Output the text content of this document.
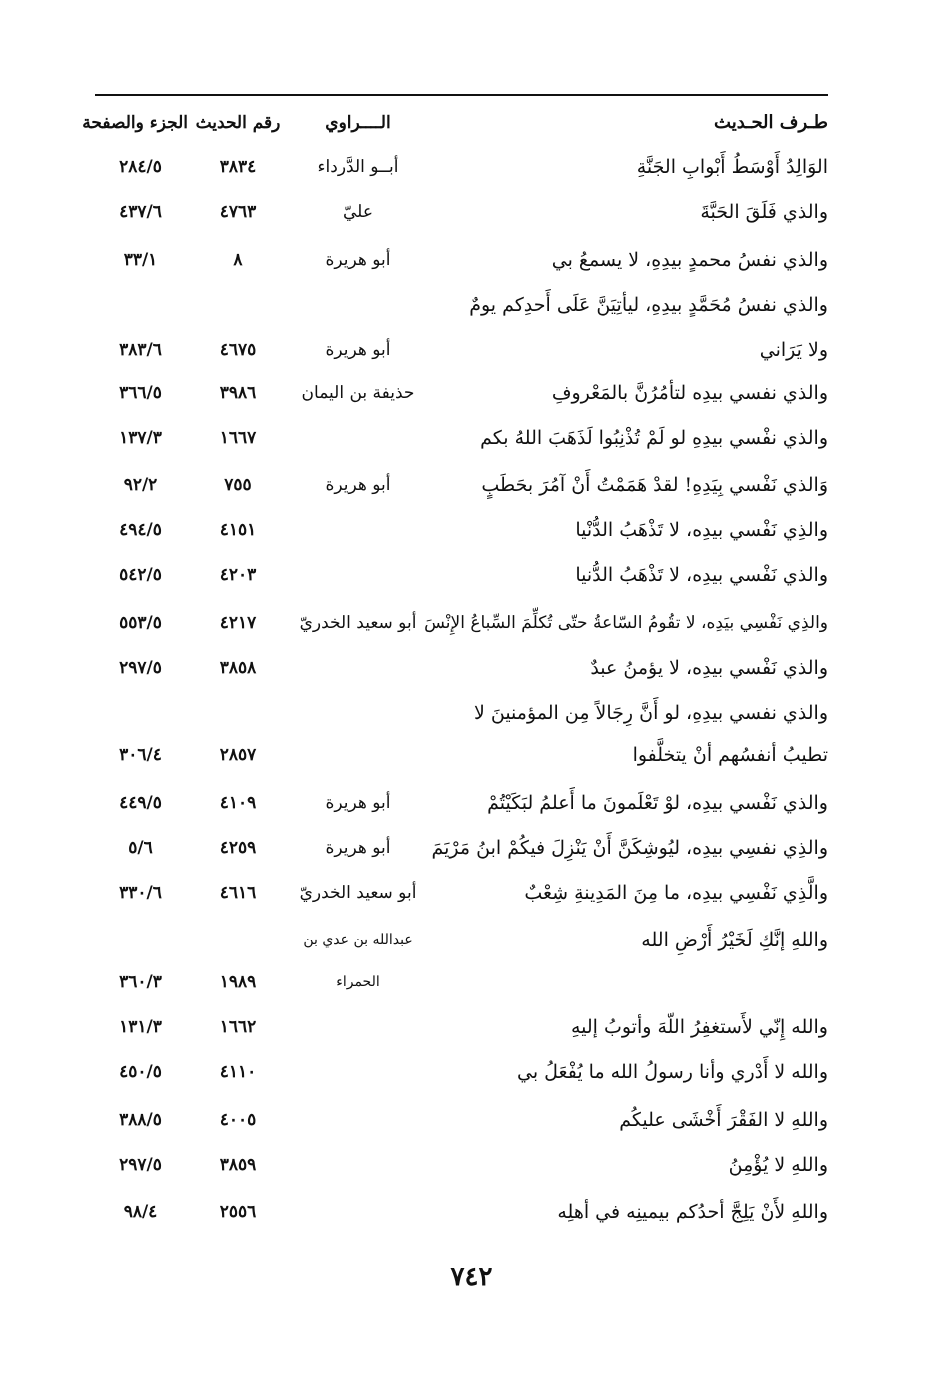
طـرف الحـديث
الــــراوي
رقم الحديث
الجزء والصفحة
الوَالِدُ أَوْسَطُ أَبْوابِ الجَنَّةِ
أبــو الدَّرداء
٣٨٣٤
٢٨٤/٥
والذي فَلَقَ الحَبَّةَ
عليّ
٤٧٦٣
٤٣٧/٦
والذي نفسُ محمدٍ بيدِهِ، لا يسمعُ بي
أبو هريرة
٨
٣٣/١
والذي نفسُ مُحَمَّدٍ بيدِهِ، ليأتِيَنَّ عَلَى أَحدِكم يومٌ
ولا يَرَاني
أبو هريرة
٤٦٧٥
٣٨٣/٦
والذي نفسي بيدِه لتأمُرُنَّ بالمَعْروفِ
حذيفة بن اليمان
٣٩٨٦
٣٦٦/٥
والذي نفْسي بيدِهِ لو لَمْ تُذْنِبُوا لَذَهَبَ اللهُ بكم
١٦٦٧
١٣٧/٣
وَالذي نَفْسي بِيَدِهِ! لقدْ هَمَمْتُ أَنْ آمُرَ بحَطَبٍ
أبو هريرة
٧٥٥
٩٢/٢
والذِي نَفْسي بيدِه، لا تَذْهَبُ الدُّنْيا
٤١٥١
٤٩٤/٥
والذي نَفْسي بيدِه، لا تَذْهَبُ الدُّنيا
٤٢٠٣
٥٤٢/٥
والذِي نَفْسِي بيَدِه، لا تقُومُ السّاعةُ حتّى تُكلِّمَ السِّباعُ الإِنْسَ
أبو سعيد الخدريّ
٤٢١٧
٥٥٣/٥
والذي نَفْسي بيدِه، لا يؤمنُ عبدٌ
٣٨٥٨
٢٩٧/٥
والذي نفسي بيدِهِ، لو أَنَّ رِجَالاً مِن المؤمنينَ لا
تطيبُ أنفسُهم أنْ يتخلَّفوا
٢٨٥٧
٣٠٦/٤
والذي نَفْسي بيدِه، لوْ تَعْلَمونَ ما أَعلمُ لبَكَيْتُمْ
أبو هريرة
٤١٠٩
٤٤٩/٥
والذِي نفسِي بيدِه، ليُوشِكَنَّ أَنْ يَنْزِلَ فيكُمْ ابنُ مَرْيَمَ
أبو هريرة
٤٢٥٩
٥/٦
والَّذِي نَفْسِي بيدِه، ما مِنَ المَدِينةِ شِعْبٌ
أبو سعيد الخدريّ
٤٦١٦
٣٣٠/٦
واللهِ إنَّكِ لَخَيْرُ أَرْضِ الله
عبدالله بن عدي بن
الحمراء
١٩٨٩
٣٦٠/٣
والله إِنّي لأَستغفِرُ اللّهَ وأتوبُ إليهِ
١٦٦٢
١٣١/٣
والله لا أَدْري وأنا رسولُ الله ما يُفْعَلُ بي
٤١١٠
٤٥٠/٥
واللهِ لا الفَقْرَ أَخْشَى عليكُم
٤٠٠٥
٣٨٨/٥
واللهِ لا يُؤْمِنُ
٣٨٥٩
٢٩٧/٥
واللهِ لأَنْ يَلِجَّ أحدُكم بيمينِه في أهلِه
٢٥٥٦
٩٨/٤
٧٤٢
